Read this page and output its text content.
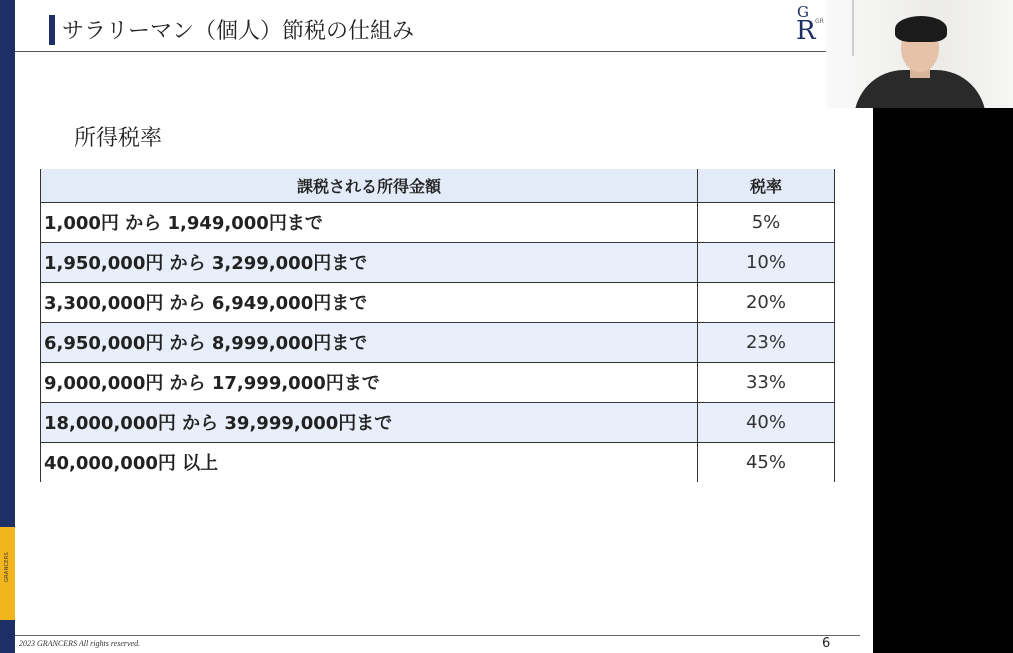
GRANCERS
サラリーマン（個人）節税の仕組み
G
R GR
所得税率
課税される所得金額	税率
1,000円 から 1,949,000円まで	5%
1,950,000円 から 3,299,000円まで	10%
3,300,000円 から 6,949,000円まで	20%
6,950,000円 から 8,999,000円まで	23%
9,000,000円 から 17,999,000円まで	33%
18,000,000円 から 39,999,000円まで	40%
40,000,000円 以上	45%
2023 GRANCERS All rights reserved.	6
